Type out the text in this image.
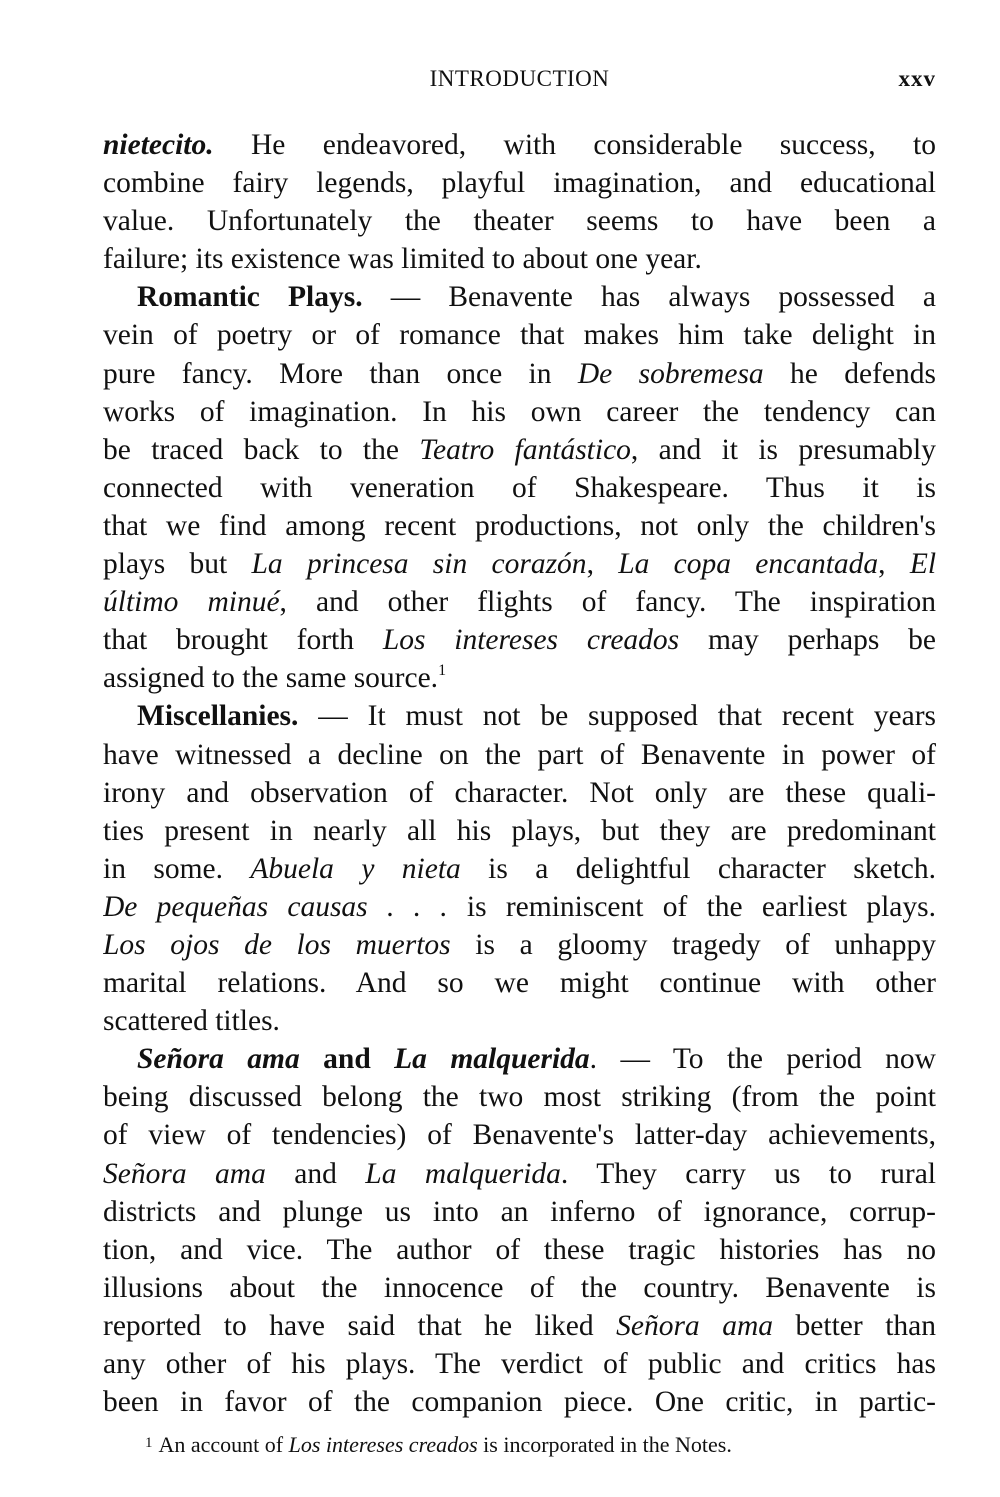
INTRODUCTION	xxv
nietecito. He endeavored, with considerable success, to
combine fairy legends, playful imagination, and educational
value. Unfortunately the theater seems to have been a
failure; its existence was limited to about one year.
Romantic Plays. — Benavente has always possessed a
vein of poetry or of romance that makes him take delight in
pure fancy. More than once in De sobremesa he defends
works of imagination. In his own career the tendency can
be traced back to the Teatro fantástico, and it is presumably
connected with veneration of Shakespeare. Thus it is
that we find among recent productions, not only the children's
plays but La princesa sin corazón, La copa encantada, El
último minué, and other flights of fancy. The inspiration
that brought forth Los intereses creados may perhaps be
assigned to the same source.$^1$
Miscellanies. — It must not be supposed that recent years
have witnessed a decline on the part of Benavente in power of
irony and observation of character. Not only are these quali-
ties present in nearly all his plays, but they are predominant
in some. Abuela y nieta is a delightful character sketch.
De pequeñas causas . . . is reminiscent of the earliest plays.
Los ojos de los muertos is a gloomy tragedy of unhappy
marital relations. And so we might continue with other
scattered titles.
Señora ama and La malquerida. — To the period now
being discussed belong the two most striking (from the point
of view of tendencies) of Benavente's latter-day achievements,
Señora ama and La malquerida. They carry us to rural
districts and plunge us into an inferno of ignorance, corrup-
tion, and vice. The author of these tragic histories has no
illusions about the innocence of the country. Benavente is
reported to have said that he liked Señora ama better than
any other of his plays. The verdict of public and critics has
been in favor of the companion piece. One critic, in partic-
$^1$ An account of Los intereses creados is incorporated in the Notes.
